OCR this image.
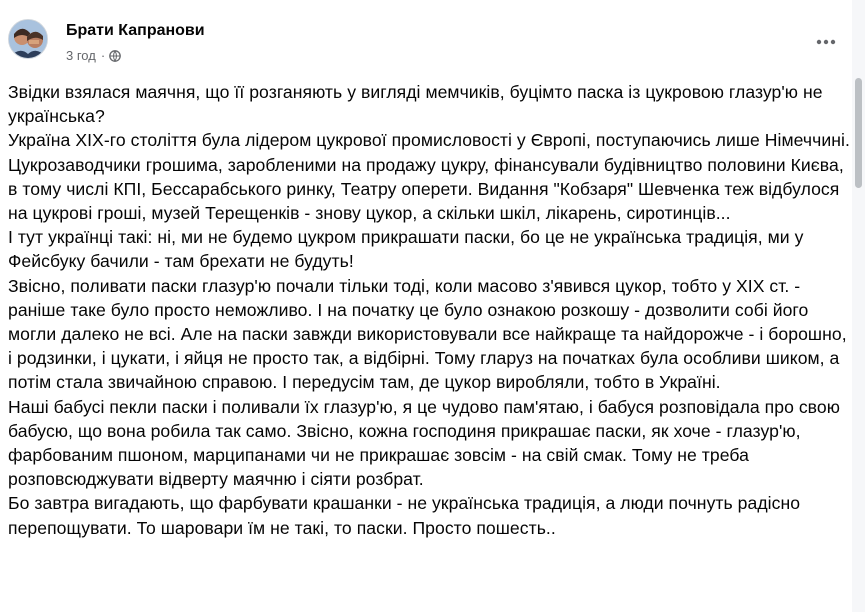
Брати Капранови
3 год ·

Звідки взялася маячня, що її розганяють у вигляді мемчиків, буцімто паска із цукровою глазур'ю не українська?

Україна XIX-го століття була лідером цукрової промисловості у Європі, поступаючись лише Німеччині. Цукрозаводчики грошима, зароблeними на продажу цукру, фінансували будівництво половини Києва, в тому числі КПІ, Бессарабського ринку, Театру оперети. Видання "Кобзаря" Шевченка теж відбулося на цукрові гроші, музей Терещенків - знову цукор, а скільки шкіл, лікарень, сиротинців...

І тут українці такі: ні, ми не будемо цукром прикрашати паски, бо це не українська традиція, ми у Фейсбуку бачили - там брехати не будуть!

Звісно, поливати паски глазур'ю почали тільки тоді, коли масово з'явився цукор, тобто у XIX ст. - раніше таке було просто неможливо. І на початку це було ознакою розкошу - дозволити собі його могли далеко не всі. Але на паски завжди використовували все найкраще та найдорожче - і борошно, і родзинки, і цукати, і яйця не просто так, а відбірні. Тому гларуз на початках була особливи шиком, а потім стала звичайною справою. І передусім там, де цукор виробляли, тобто в Україні.

Наші бабусі пекли паски і поливали їх глазур'ю, я це чудово пам'ятаю, і бабуся розповідала про свою бабусю, що вона робила так само. Звісно, кожна господиня прикрашає паски, як хоче - глазур'ю, фарбованим пшоном, марципанами чи не прикрашає зовсім - на свій смак. Тому не треба розповсюджувати відверту маячню і сіяти розбрат.

Бо завтра вигадають, що фарбувати крашанки - не українська традиція, а люди почнуть радісно перепощувати. То шаровари їм не такі, то паски. Просто пошесть..
